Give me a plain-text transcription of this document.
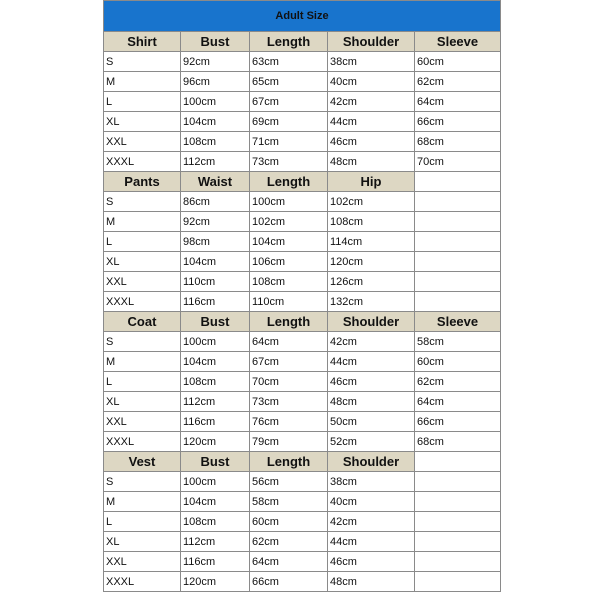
Adult Size				
Shirt	Bust	Length	Shoulder	Sleeve
S	92cm	63cm	38cm	60cm
M	96cm	65cm	40cm	62cm
L	100cm	67cm	42cm	64cm
XL	104cm	69cm	44cm	66cm
XXL	108cm	71cm	46cm	68cm
XXXL	112cm	73cm	48cm	70cm
Pants	Waist	Length	Hip	
S	86cm	100cm	102cm	
M	92cm	102cm	108cm	
L	98cm	104cm	114cm	
XL	104cm	106cm	120cm	
XXL	110cm	108cm	126cm	
XXXL	116cm	110cm	132cm	
Coat	Bust	Length	Shoulder	Sleeve
S	100cm	64cm	42cm	58cm
M	104cm	67cm	44cm	60cm
L	108cm	70cm	46cm	62cm
XL	112cm	73cm	48cm	64cm
XXL	116cm	76cm	50cm	66cm
XXXL	120cm	79cm	52cm	68cm
Vest	Bust	Length	Shoulder	
S	100cm	56cm	38cm	
M	104cm	58cm	40cm	
L	108cm	60cm	42cm	
XL	112cm	62cm	44cm	
XXL	116cm	64cm	46cm	
XXXL	120cm	66cm	48cm	
